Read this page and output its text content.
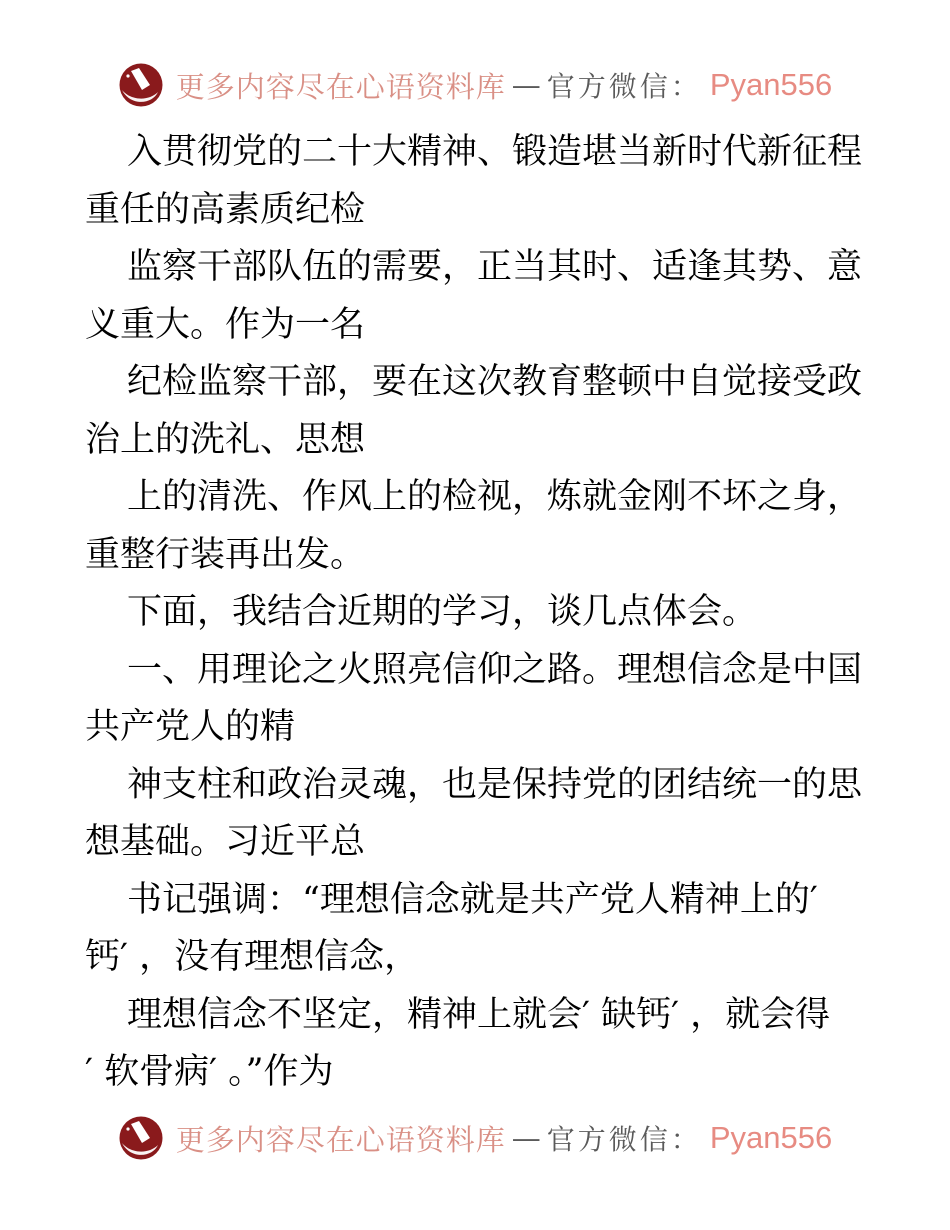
更多内容尽在心语资料库 — 官方微信： Pyan556
入贯彻党的二十大精神、锻造堪当新时代新征程
重任的高素质纪检
监察干部队伍的需要，正当其时、适逢其势、意
义重大。作为一名
纪检监察干部，要在这次教育整顿中自觉接受政
治上的洗礼、思想
上的清洗、作风上的检视，炼就金刚不坏之身，
重整行装再出发。
下面，我结合近期的学习，谈几点体会。
一、用理论之火照亮信仰之路。理想信念是中国
共产党人的精
神支柱和政治灵魂，也是保持党的团结统一的思
想基础。习近平总
书记强调：“理想信念就是共产党人精神上的′
钙′ ，没有理想信念，
理想信念不坚定，精神上就会′ 缺钙′ ，就会得
′ 软骨病′ 。”作为
更多内容尽在心语资料库 — 官方微信： Pyan556
